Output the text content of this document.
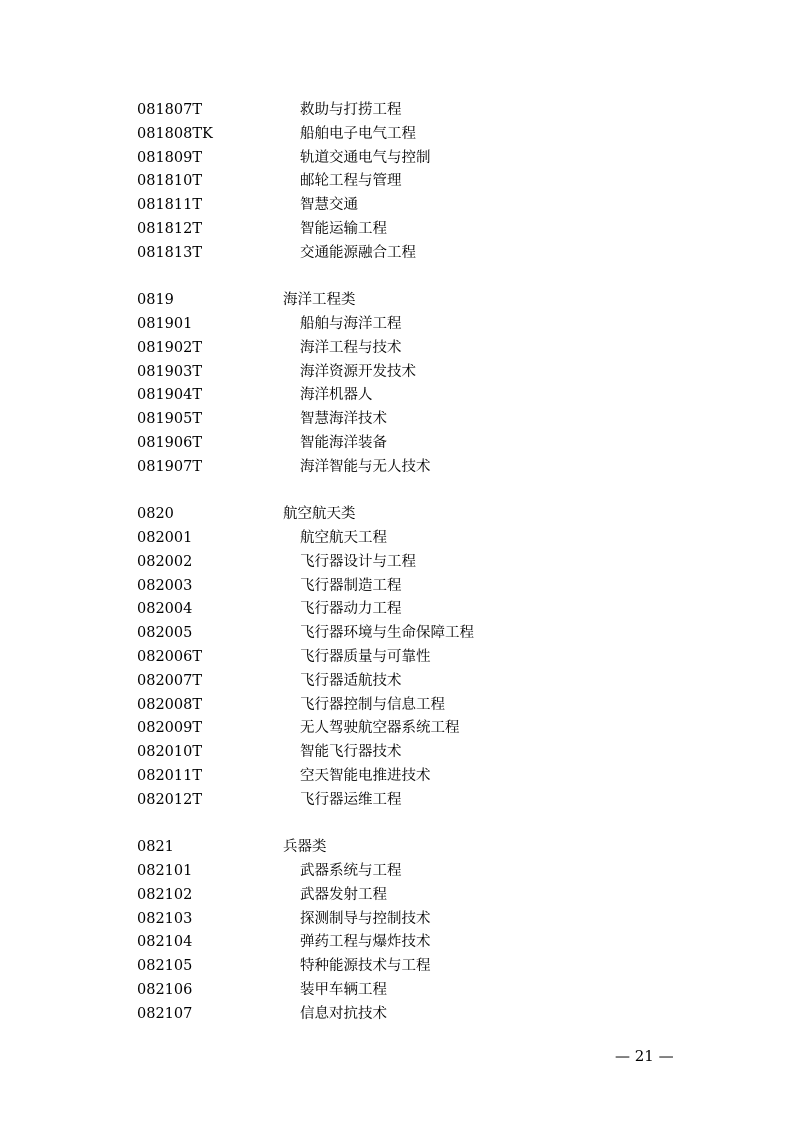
081807T	救助与打捞工程
081808TK	船舶电子电气工程
081809T	轨道交通电气与控制
081810T	邮轮工程与管理
081811T	智慧交通
081812T	智能运输工程
081813T	交通能源融合工程
0819	海洋工程类
081901	船舶与海洋工程
081902T	海洋工程与技术
081903T	海洋资源开发技术
081904T	海洋机器人
081905T	智慧海洋技术
081906T	智能海洋装备
081907T	海洋智能与无人技术
0820	航空航天类
082001	航空航天工程
082002	飞行器设计与工程
082003	飞行器制造工程
082004	飞行器动力工程
082005	飞行器环境与生命保障工程
082006T	飞行器质量与可靠性
082007T	飞行器适航技术
082008T	飞行器控制与信息工程
082009T	无人驾驶航空器系统工程
082010T	智能飞行器技术
082011T	空天智能电推进技术
082012T	飞行器运维工程
0821	兵器类
082101	武器系统与工程
082102	武器发射工程
082103	探测制导与控制技术
082104	弹药工程与爆炸技术
082105	特种能源技术与工程
082106	装甲车辆工程
082107	信息对抗技术
— 21 —
